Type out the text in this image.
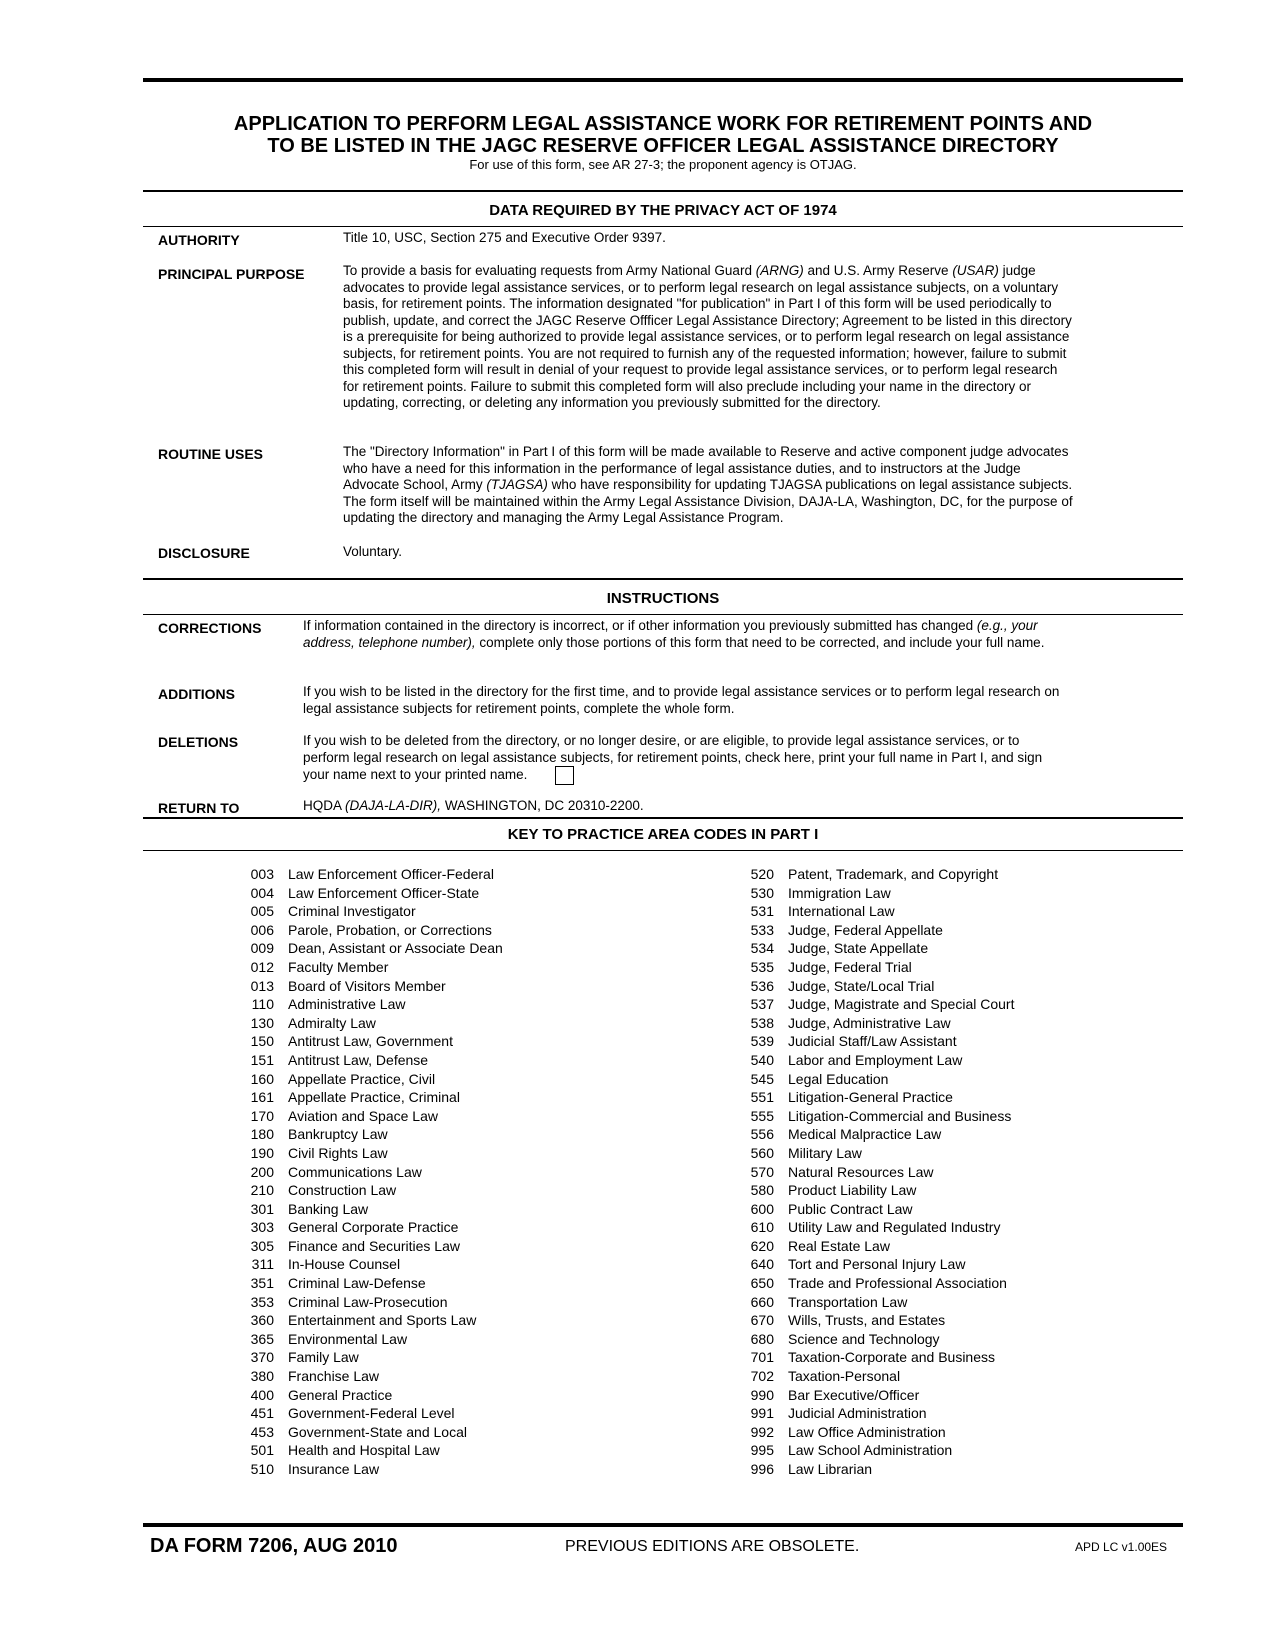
APPLICATION TO PERFORM LEGAL ASSISTANCE WORK FOR RETIREMENT POINTS AND
TO BE LISTED IN THE JAGC RESERVE OFFICER LEGAL ASSISTANCE DIRECTORY
For use of this form, see AR 27-3; the proponent agency is OTJAG.
DATA REQUIRED BY THE PRIVACY ACT OF 1974
AUTHORITY	Title 10, USC, Section 275 and Executive Order 9397.
PRINCIPAL PURPOSE	To provide a basis for evaluating requests from Army National Guard (ARNG) and U.S. Army Reserve (USAR) judge advocates to provide legal assistance services, or to perform legal research on legal assistance subjects, on a voluntary basis, for retirement points. The information designated "for publication" in Part I of this form will be used periodically to publish, update, and correct the JAGC Reserve Offficer Legal Assistance Directory; Agreement to be listed in this directory is a prerequisite for being authorized to provide legal assistance services, or to perform legal research on legal assistance subjects, for retirement points. You are not required to furnish any of the requested information; however, failure to submit this completed form will result in denial of your request to provide legal assistance services, or to perform legal research for retirement points. Failure to submit this completed form will also preclude including your name in the directory or updating, correcting, or deleting any information you previously submitted for the directory.
ROUTINE USES	The "Directory Information" in Part I of this form will be made available to Reserve and active component judge advocates who have a need for this information in the performance of legal assistance duties, and to instructors at the Judge Advocate School, Army (TJAGSA) who have responsibility for updating TJAGSA publications on legal assistance subjects. The form itself will be maintained within the Army Legal Assistance Division, DAJA-LA, Washington, DC, for the purpose of updating the directory and managing the Army Legal Assistance Program.
DISCLOSURE	Voluntary.
INSTRUCTIONS
CORRECTIONS	If information contained in the directory is incorrect, or if other information you previously submitted has changed (e.g., your address, telephone number), complete only those portions of this form that need to be corrected, and include your full name.
ADDITIONS	If you wish to be listed in the directory for the first time, and to provide legal assistance services or to perform legal research on legal assistance subjects for retirement points, complete the whole form.
DELETIONS	If you wish to be deleted from the directory, or no longer desire, or are eligible, to provide legal assistance services, or to perform legal research on legal assistance subjects, for retirement points, check here, print your full name in Part I, and sign your name next to your printed name.
RETURN TO	HQDA (DAJA-LA-DIR), WASHINGTON, DC 20310-2200.
KEY TO PRACTICE AREA CODES IN PART I
003 Law Enforcement Officer-Federal
004 Law Enforcement Officer-State
005 Criminal Investigator
006 Parole, Probation, or Corrections
009 Dean, Assistant or Associate Dean
012 Faculty Member
013 Board of Visitors Member
110 Administrative Law
130 Admiralty Law
150 Antitrust Law, Government
151 Antitrust Law, Defense
160 Appellate Practice, Civil
161 Appellate Practice, Criminal
170 Aviation and Space Law
180 Bankruptcy Law
190 Civil Rights Law
200 Communications Law
210 Construction Law
301 Banking Law
303 General Corporate Practice
305 Finance and Securities Law
311 In-House Counsel
351 Criminal Law-Defense
353 Criminal Law-Prosecution
360 Entertainment and Sports Law
365 Environmental Law
370 Family Law
380 Franchise Law
400 General Practice
451 Government-Federal Level
453 Government-State and Local
501 Health and Hospital Law
510 Insurance Law
520 Patent, Trademark, and Copyright
530 Immigration Law
531 International Law
533 Judge, Federal Appellate
534 Judge, State Appellate
535 Judge, Federal Trial
536 Judge, State/Local Trial
537 Judge, Magistrate and Special Court
538 Judge, Administrative Law
539 Judicial Staff/Law Assistant
540 Labor and Employment Law
545 Legal Education
551 Litigation-General Practice
555 Litigation-Commercial and Business
556 Medical Malpractice Law
560 Military Law
570 Natural Resources Law
580 Product Liability Law
600 Public Contract Law
610 Utility Law and Regulated Industry
620 Real Estate Law
640 Tort and Personal Injury Law
650 Trade and Professional Association
660 Transportation Law
670 Wills, Trusts, and Estates
680 Science and Technology
701 Taxation-Corporate and Business
702 Taxation-Personal
990 Bar Executive/Officer
991 Judicial Administration
992 Law Office Administration
995 Law School Administration
996 Law Librarian
DA FORM 7206, AUG 2010	PREVIOUS EDITIONS ARE OBSOLETE.	APD LC v1.00ES
